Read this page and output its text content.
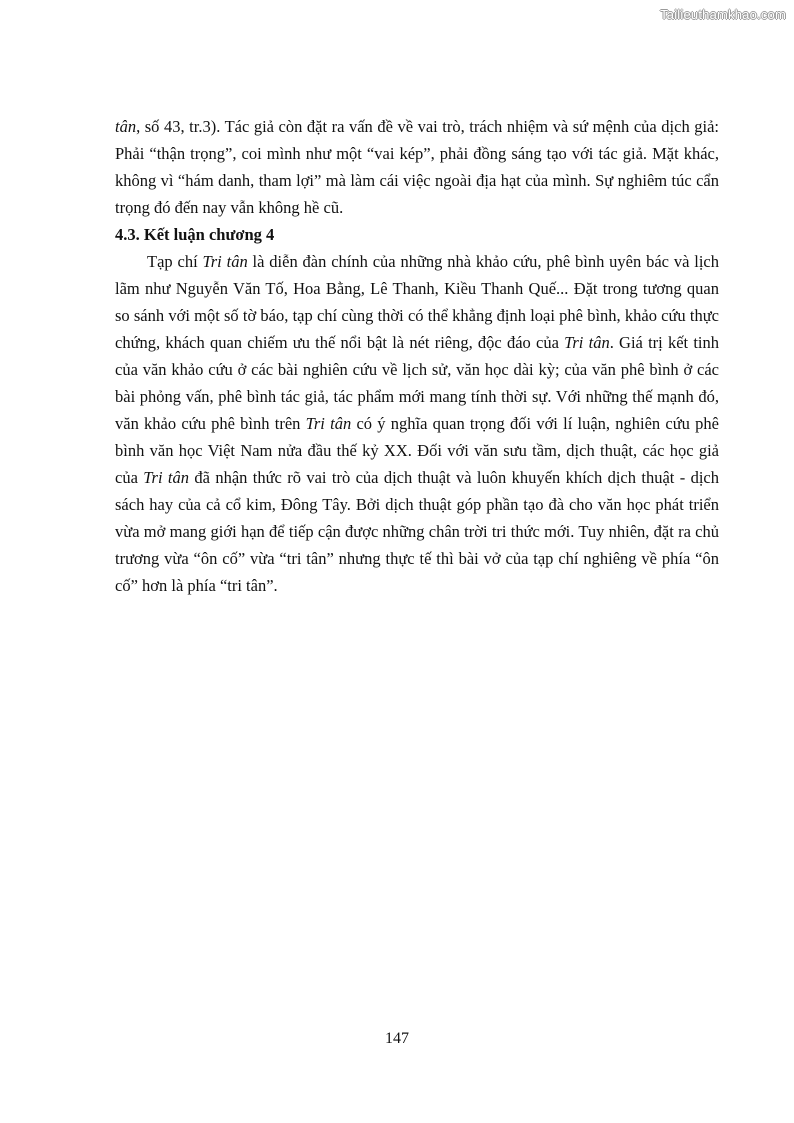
Tailieuthamkhao.com

tân, số 43, tr.3). Tác giả còn đặt ra vấn đề về vai trò, trách nhiệm và sứ mệnh của dịch giả: Phải “thận trọng”, coi mình như một “vai kép”, phải đồng sáng tạo với tác giả. Mặt khác, không vì “hám danh, tham lợi” mà làm cái việc ngoài địa hạt của mình. Sự nghiêm túc cẩn trọng đó đến nay vẫn không hề cũ.

4.3. Kết luận chương 4

Tạp chí Tri tân là diễn đàn chính của những nhà khảo cứu, phê bình uyên bác và lịch lãm như Nguyễn Văn Tố, Hoa Bằng, Lê Thanh, Kiều Thanh Quế... Đặt trong tương quan so sánh với một số tờ báo, tạp chí cùng thời có thể khẳng định loại phê bình, khảo cứu thực chứng, khách quan chiếm ưu thế nổi bật là nét riêng, độc đáo của Tri tân. Giá trị kết tinh của văn khảo cứu ở các bài nghiên cứu về lịch sử, văn học dài kỳ; của văn phê bình ở các bài phỏng vấn, phê bình tác giả, tác phẩm mới mang tính thời sự. Với những thế mạnh đó, văn khảo cứu phê bình trên Tri tân có ý nghĩa quan trọng đối với lí luận, nghiên cứu phê bình văn học Việt Nam nửa đầu thế kỷ XX. Đối với văn sưu tầm, dịch thuật, các học giả của Tri tân đã nhận thức rõ vai trò của dịch thuật và luôn khuyến khích dịch thuật - dịch sách hay của cả cổ kim, Đông Tây. Bởi dịch thuật góp phần tạo đà cho văn học phát triển vừa mở mang giới hạn để tiếp cận được những chân trời tri thức mới. Tuy nhiên, đặt ra chủ trương vừa “ôn cố” vừa “tri tân” nhưng thực tế thì bài vở của tạp chí nghiêng về phía “ôn cố” hơn là phía “tri tân”.

147
